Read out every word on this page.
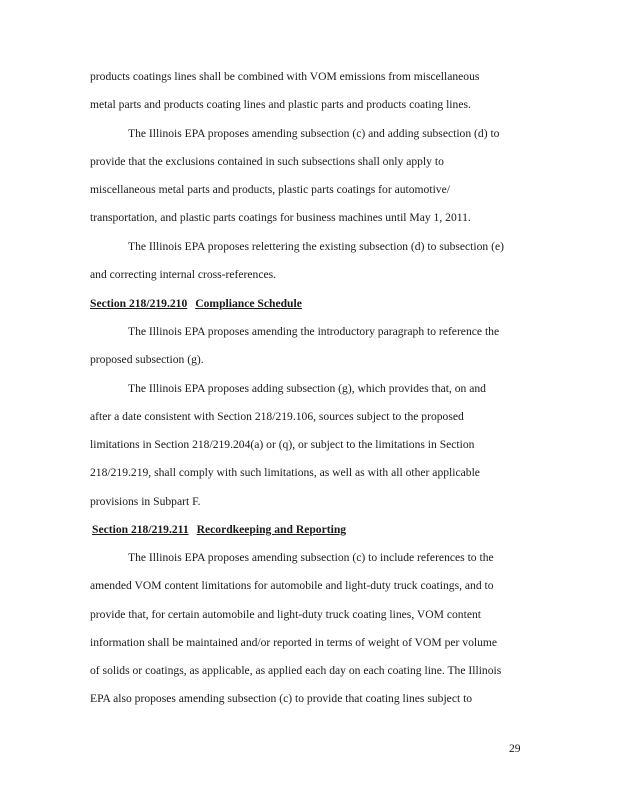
products coatings lines shall be combined with VOM emissions from miscellaneous
metal parts and products coating lines and plastic parts and products coating lines.
The Illinois EPA proposes amending subsection (c) and adding subsection (d) to
provide that the exclusions contained in such subsections shall only apply to
miscellaneous metal parts and products, plastic parts coatings for automotive/
transportation, and plastic parts coatings for business machines until May 1, 2011.
The Illinois EPA proposes relettering the existing subsection (d) to subsection (e)
and correcting internal cross-references.
Section 218/219.210 Compliance Schedule
The Illinois EPA proposes amending the introductory paragraph to reference the
proposed subsection (g).
The Illinois EPA proposes adding subsection (g), which provides that, on and
after a date consistent with Section 218/219.106, sources subject to the proposed
limitations in Section 218/219.204(a) or (q), or subject to the limitations in Section
218/219.219, shall comply with such limitations, as well as with all other applicable
provisions in Subpart F.
Section 218/219.211 Recordkeeping and Reporting
The Illinois EPA proposes amending subsection (c) to include references to the
amended VOM content limitations for automobile and light-duty truck coatings, and to
provide that, for certain automobile and light-duty truck coating lines, VOM content
information shall be maintained and/or reported in terms of weight of VOM per volume
of solids or coatings, as applicable, as applied each day on each coating line. The Illinois
EPA also proposes amending subsection (c) to provide that coating lines subject to
29
